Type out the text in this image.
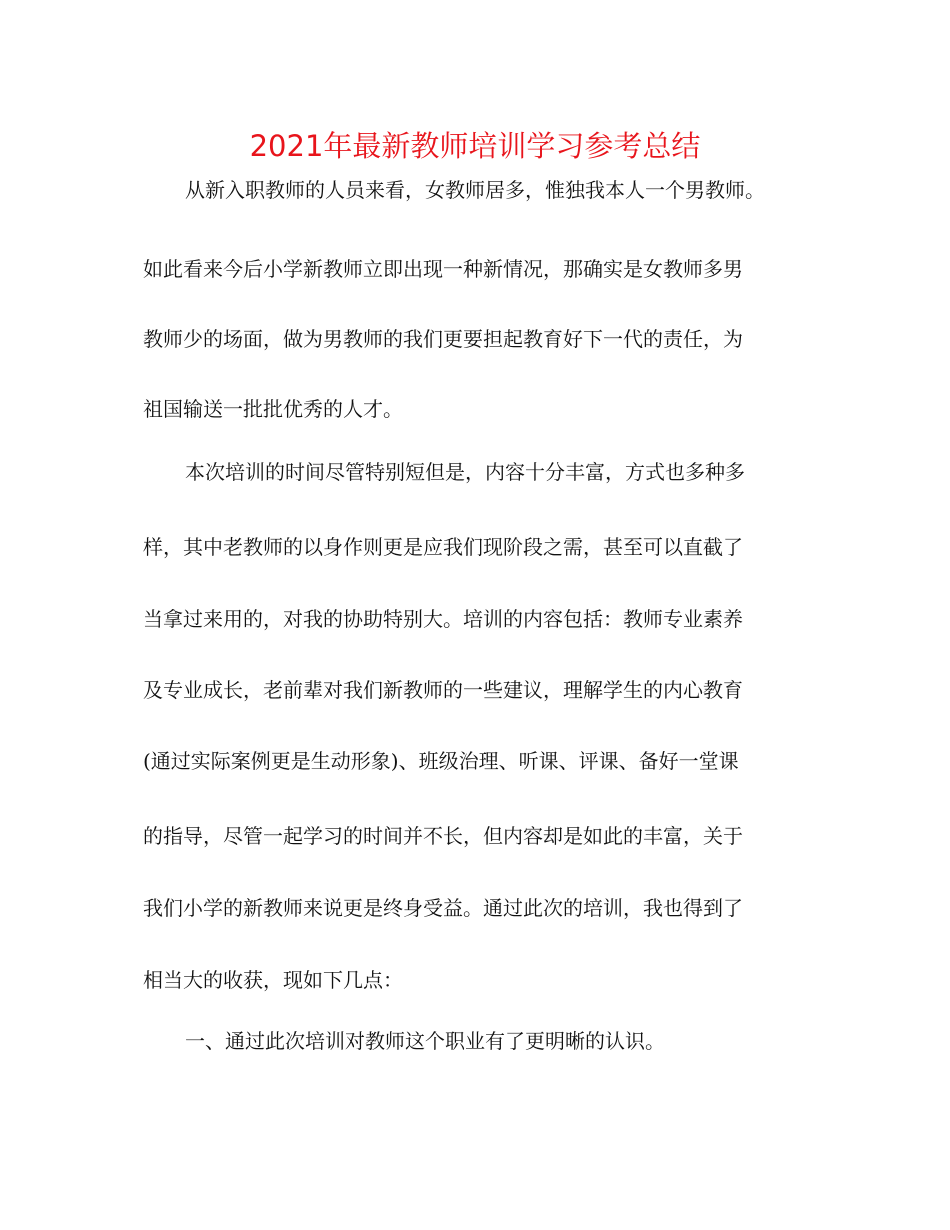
2021年最新教师培训学习参考总结

从新入职教师的人员来看，女教师居多，惟独我本人一个男教师。

如此看来今后小学新教师立即出现一种新情况，那确实是女教师多男

教师少的场面，做为男教师的我们更要担起教育好下一代的责任，为

祖国输送一批批优秀的人才。

本次培训的时间尽管特别短但是，内容十分丰富，方式也多种多

样，其中老教师的以身作则更是应我们现阶段之需，甚至可以直截了

当拿过来用的，对我的协助特别大。培训的内容包括：教师专业素养

及专业成长，老前辈对我们新教师的一些建议，理解学生的内心教育

(通过实际案例更是生动形象)、班级治理、听课、评课、备好一堂课

的指导，尽管一起学习的时间并不长，但内容却是如此的丰富，关于

我们小学的新教师来说更是终身受益。通过此次的培训，我也得到了

相当大的收获，现如下几点：

一、通过此次培训对教师这个职业有了更明晰的认识。
